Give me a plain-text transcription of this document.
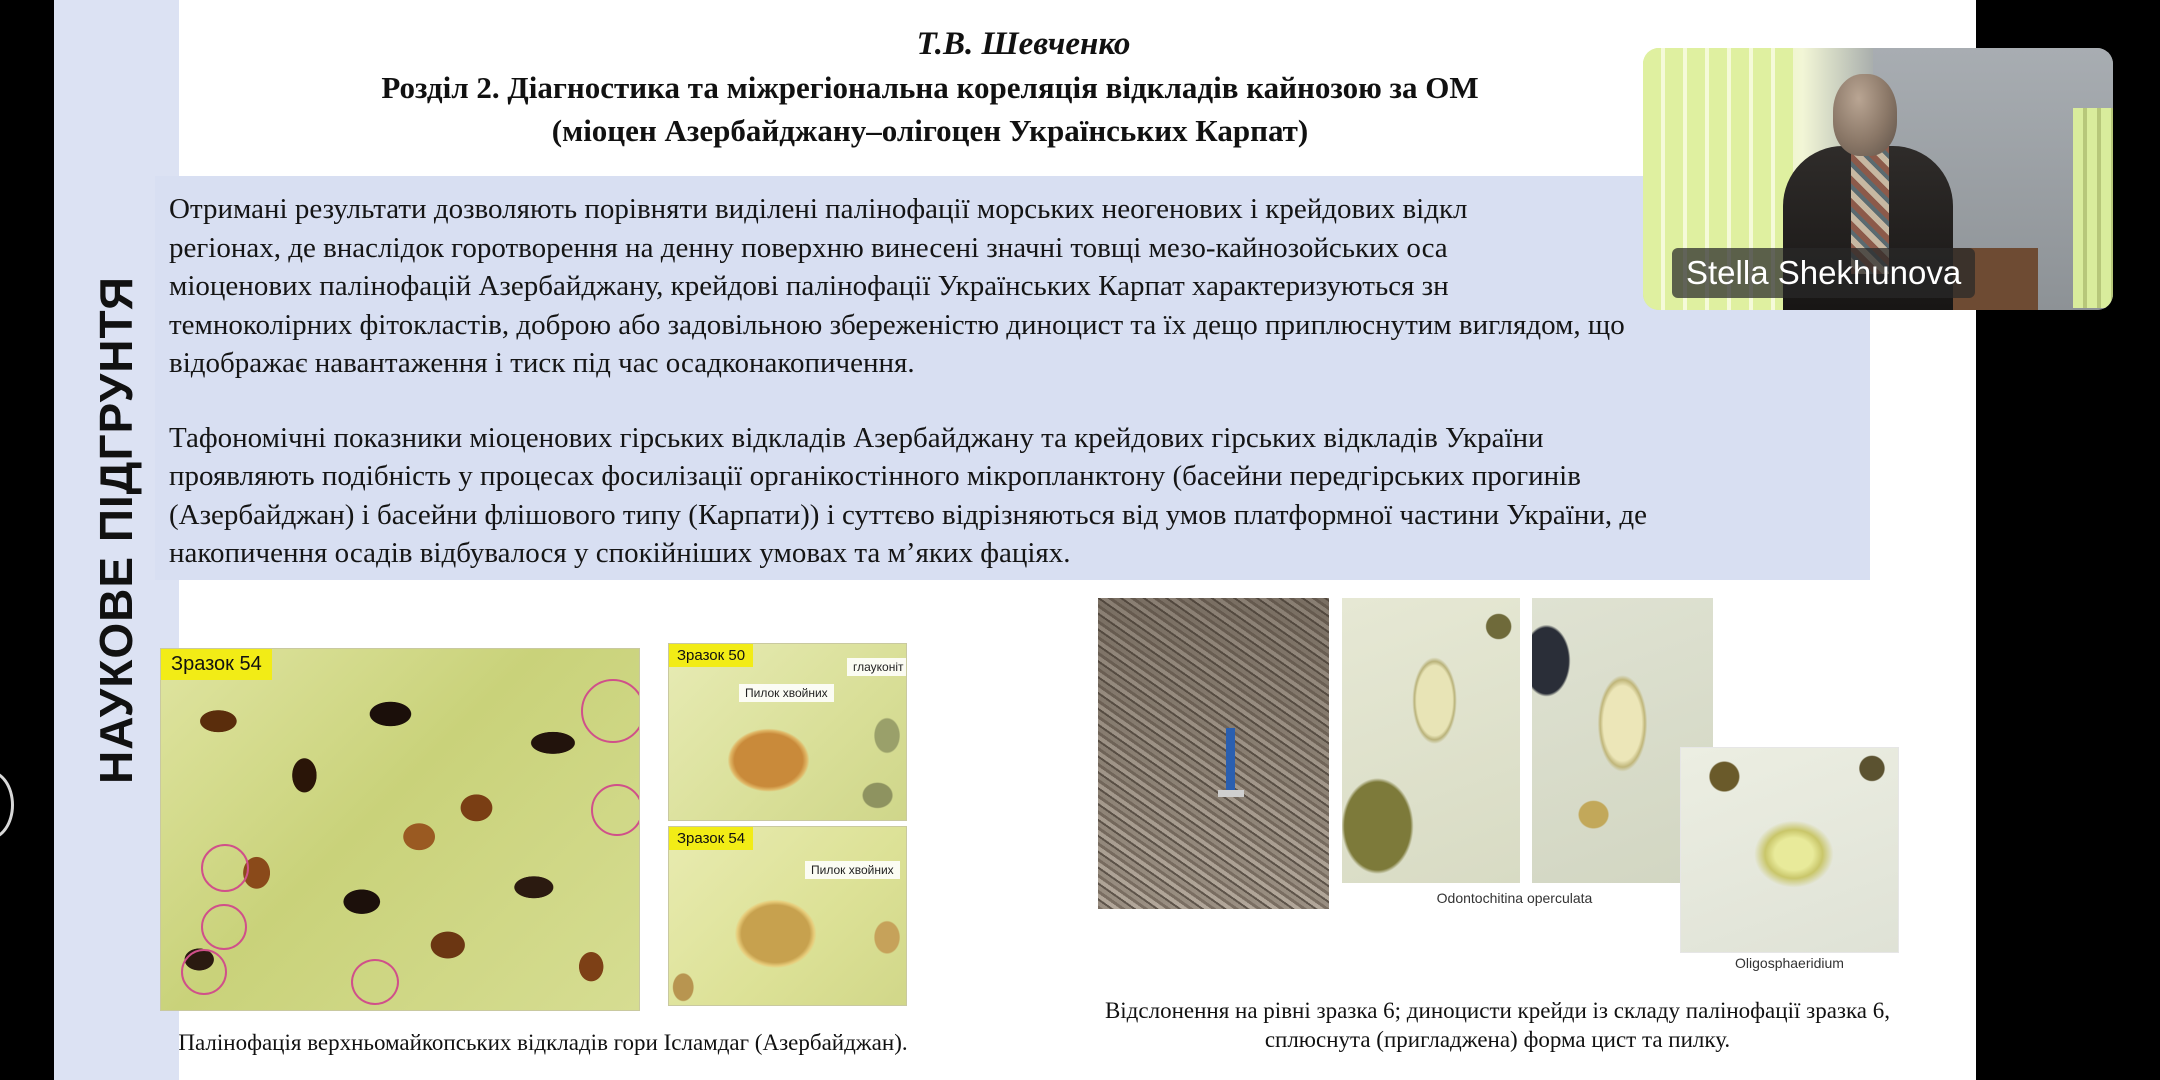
НАУКОВЕ ПІДГРУНТЯ
Т.В. Шевченко
Розділ 2. Діагностика та міжрегіональна кореляція відкладів кайнозою за ОМ
(міоцен Азербайджану–олігоцен Українських Карпат)

Отримані результати дозволяють порівняти виділені палінофації морських неогенових і крейдових відкл

регіонах, де внаслідок горотворення на денну поверхню винесені значні товщі мезо-кайнозойських оса

міоценових палінофацій Азербайджану, крейдові палінофації Українських Карпат характеризуються зн

темноколірних фітокластів, доброю або задовільною збереженістю диноцист та їх дещо приплюснутим виглядом, що

відображає навантаження і тиск під час осадконакопичення.

Тафономічні показники міоценових гірських відкладів Азербайджану та крейдових гірських відкладів України

проявляють подібність у процесах фосилізації органікостінного мікропланктону (басейни передгірських прогинів

(Азербайджан) і басейни флішового типу (Карпати)) і суттєво відрізняються від умов платформної частини України, де

накопичення осадів відбувалося у спокійніших умовах та м’яких фаціях.

Зразок 54	Зразок 50
глауконіт
Пилок хвойних
Зразок 54
Пилок хвойних
Палінофація верхньомайкопських відкладів гори Ісламдаг (Азербайджан).
Odontochitina operculata
Oligosphaeridium
Відслонення на рівні зразка 6; диноцисти крейди із складу палінофації зразка 6,
сплюснута (пригладжена) форма цист та пилку.
Stella Shekhunova
